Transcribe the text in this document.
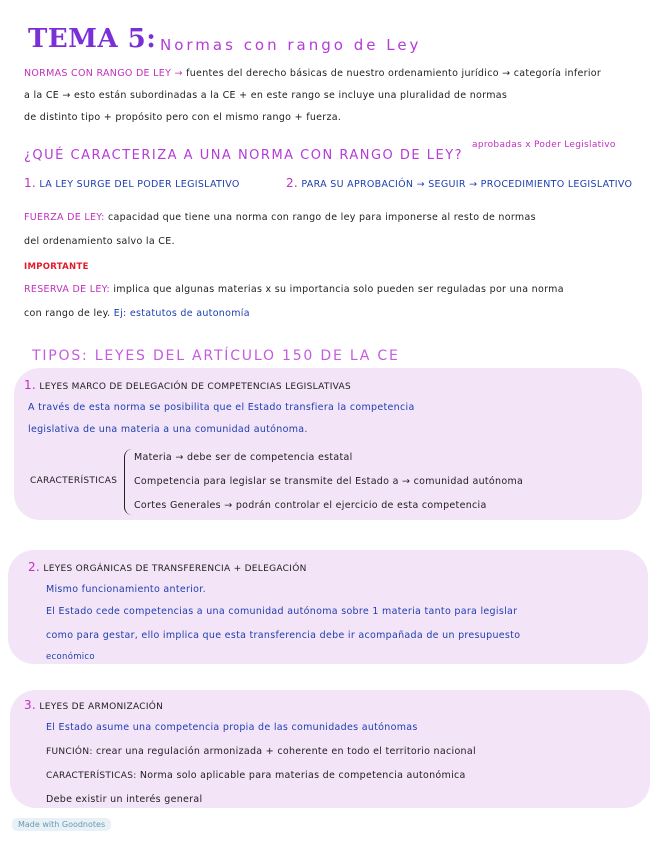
TEMA 5: Normas con rango de Ley
NORMAS CON RANGO DE LEY → fuentes del derecho básicas de nuestro ordenamiento jurídico → categoría inferior
a la CE → esto están subordinadas a la CE + en este rango se incluye una pluralidad de normas
de distinto tipo + propósito pero con el mismo rango + fuerza.
¿QUÉ CARACTERIZA A UNA NORMA CON RANGO DE LEY?
aprobadas x Poder Legislativo
1. LA LEY SURGE DEL PODER LEGISLATIVO	2. PARA SU APROBACIÓN → SEGUIR → PROCEDIMIENTO LEGISLATIVO
FUERZA DE LEY: capacidad que tiene una norma con rango de ley para imponerse al resto de normas
del ordenamiento salvo la CE.
IMPORTANTE
RESERVA DE LEY: implica que algunas materias x su importancia solo pueden ser reguladas por una norma
con rango de ley. Ej: estatutos de autonomía
TIPOS: LEYES DEL ARTÍCULO 150 DE LA CE
1. LEYES MARCO DE DELEGACIÓN DE COMPETENCIAS LEGISLATIVAS
A través de esta norma se posibilita que el Estado transfiera la competencia
legislativa de una materia a una comunidad autónoma.
CARACTERÍSTICAS
Materia → debe ser de competencia estatal
Competencia para legislar se transmite del Estado a → comunidad autónoma
Cortes Generales → podrán controlar el ejercicio de esta competencia
2. LEYES ORGÁNICAS DE TRANSFERENCIA + DELEGACIÓN
Mismo funcionamiento anterior.
El Estado cede competencias a una comunidad autónoma sobre 1 materia tanto para legislar
como para gestar, ello implica que esta transferencia debe ir acompañada de un presupuesto
económico
3. LEYES DE ARMONIZACIÓN
El Estado asume una competencia propia de las comunidades autónomas
FUNCIÓN: crear una regulación armonizada + coherente en todo el territorio nacional
CARACTERÍSTICAS: Norma solo aplicable para materias de competencia autonómica
Debe existir un interés general
Made with Goodnotes
